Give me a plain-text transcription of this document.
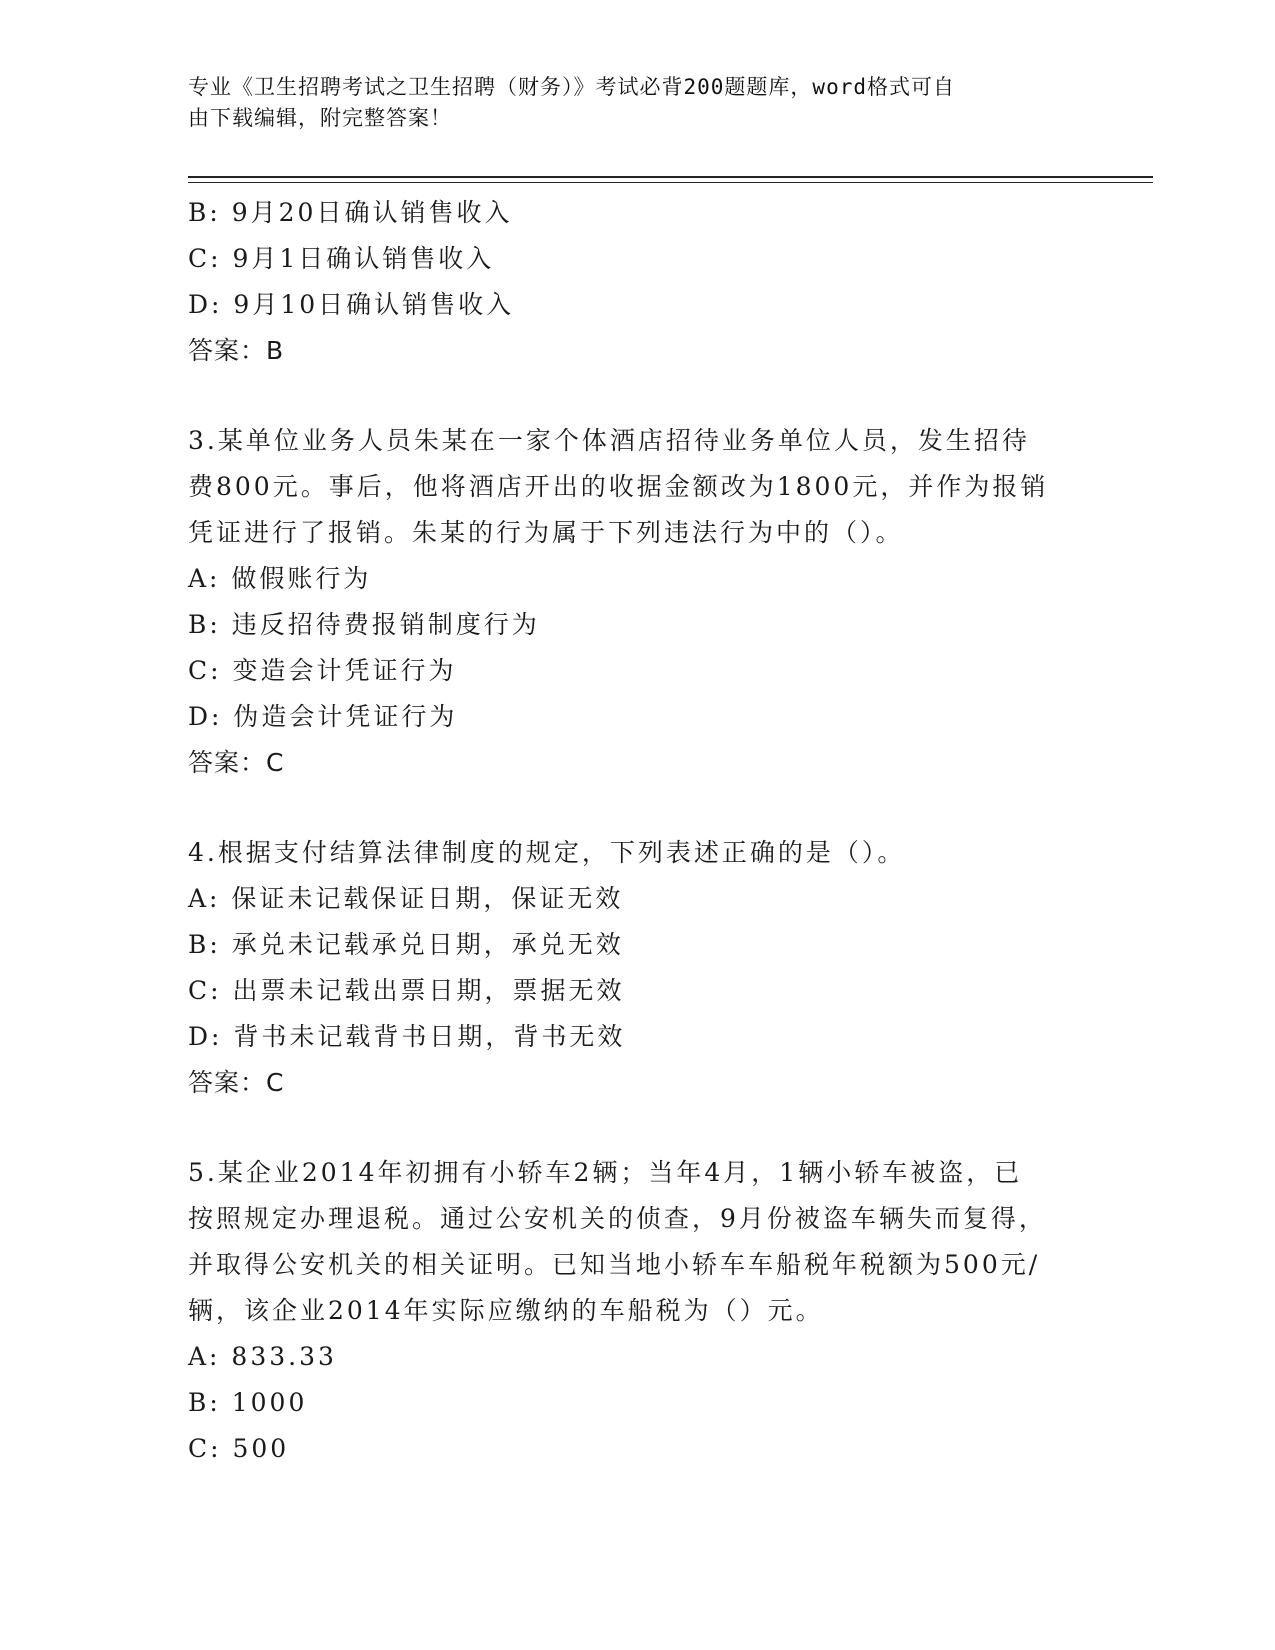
专业《卫生招聘考试之卫生招聘（财务）》考试必背200题题库，word格式可自
由下载编辑，附完整答案！
B: 9月20日确认销售收入
C: 9月1日确认销售收入
D: 9月10日确认销售收入
答案：B
3.某单位业务人员朱某在一家个体酒店招待业务单位人员，发生招待
费800元。事后，他将酒店开出的收据金额改为1800元，并作为报销
凭证进行了报销。朱某的行为属于下列违法行为中的（）。
A: 做假账行为
B: 违反招待费报销制度行为
C: 变造会计凭证行为
D: 伪造会计凭证行为
答案：C
4.根据支付结算法律制度的规定，下列表述正确的是（）。
A: 保证未记载保证日期，保证无效
B: 承兑未记载承兑日期，承兑无效
C: 出票未记载出票日期，票据无效
D: 背书未记载背书日期，背书无效
答案：C
5.某企业2014年初拥有小轿车2辆；当年4月，1辆小轿车被盗，已
按照规定办理退税。通过公安机关的侦查，9月份被盗车辆失而复得，
并取得公安机关的相关证明。已知当地小轿车车船税年税额为500元/
辆，该企业2014年实际应缴纳的车船税为（）元。
A: 833.33
B: 1000
C: 500
